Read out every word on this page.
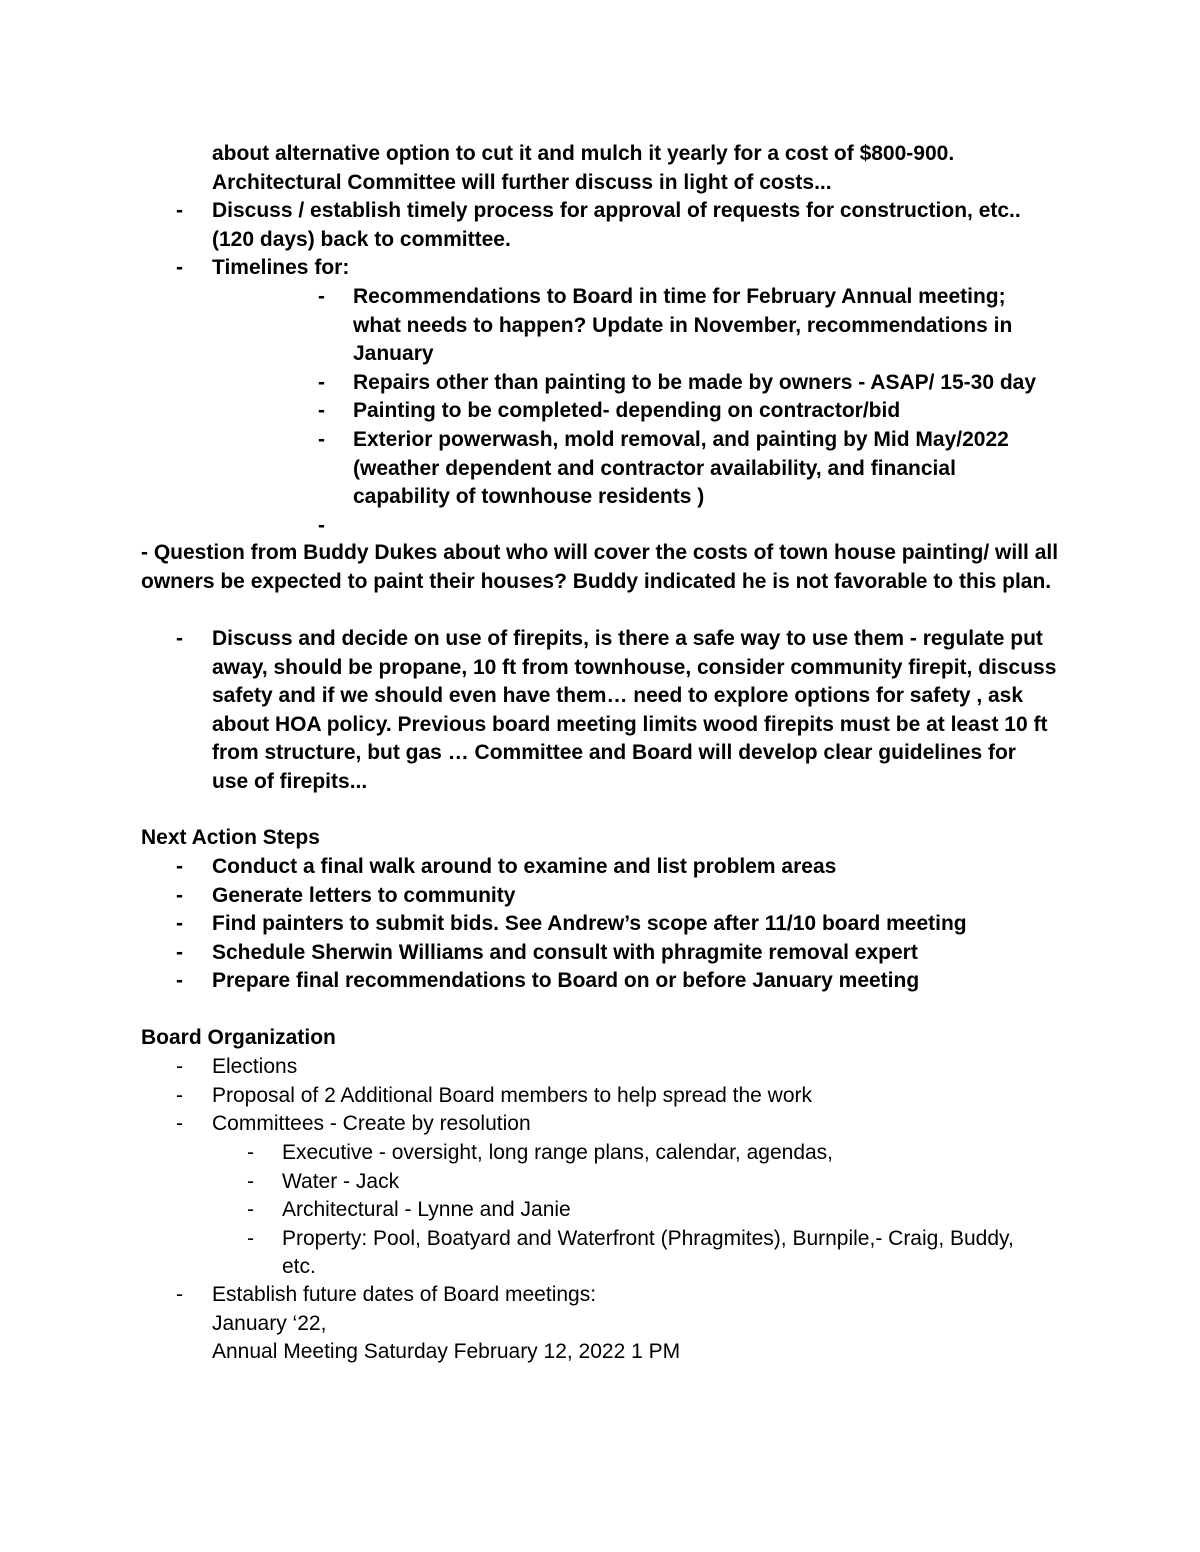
about alternative option to cut it and mulch it yearly for a cost of $800-900. Architectural Committee will further discuss in light of costs...
- Discuss / establish timely process for approval of requests for construction, etc.. (120 days) back to committee.
- Timelines for:
- Recommendations to Board in time for February Annual meeting; what needs to happen? Update in November, recommendations in January
- Repairs other than painting to be made by owners - ASAP/ 15-30 day
- Painting to be completed- depending on contractor/bid
- Exterior powerwash, mold removal, and painting by Mid May/2022 (weather dependent and contractor availability, and financial capability of townhouse residents )
-
- Question from Buddy Dukes about who will cover the costs of town house painting/ will all owners be expected to paint their houses? Buddy indicated he is not favorable to this plan.
- Discuss and decide on use of firepits, is there a safe way to use them - regulate put away, should be propane, 10 ft from townhouse, consider community firepit, discuss safety and if we should even have them… need to explore options for safety , ask about HOA policy. Previous board meeting limits wood firepits must be at least 10 ft from structure, but gas … Committee and Board will develop clear guidelines for use of firepits...
Next Action Steps
- Conduct a final walk around to examine and list problem areas
- Generate letters to community
- Find painters to submit bids. See Andrew’s scope after 11/10 board meeting
- Schedule Sherwin Williams and consult with phragmite removal expert
- Prepare final recommendations to Board on or before January meeting
Board Organization
- Elections
- Proposal of 2 Additional Board members to help spread the work
- Committees - Create by resolution
- Executive - oversight, long range plans, calendar, agendas,
- Water - Jack
- Architectural - Lynne and Janie
- Property: Pool, Boatyard and Waterfront (Phragmites), Burnpile,- Craig, Buddy, etc.
- Establish future dates of Board meetings:
January ‘22,
Annual Meeting Saturday February 12, 2022 1 PM
